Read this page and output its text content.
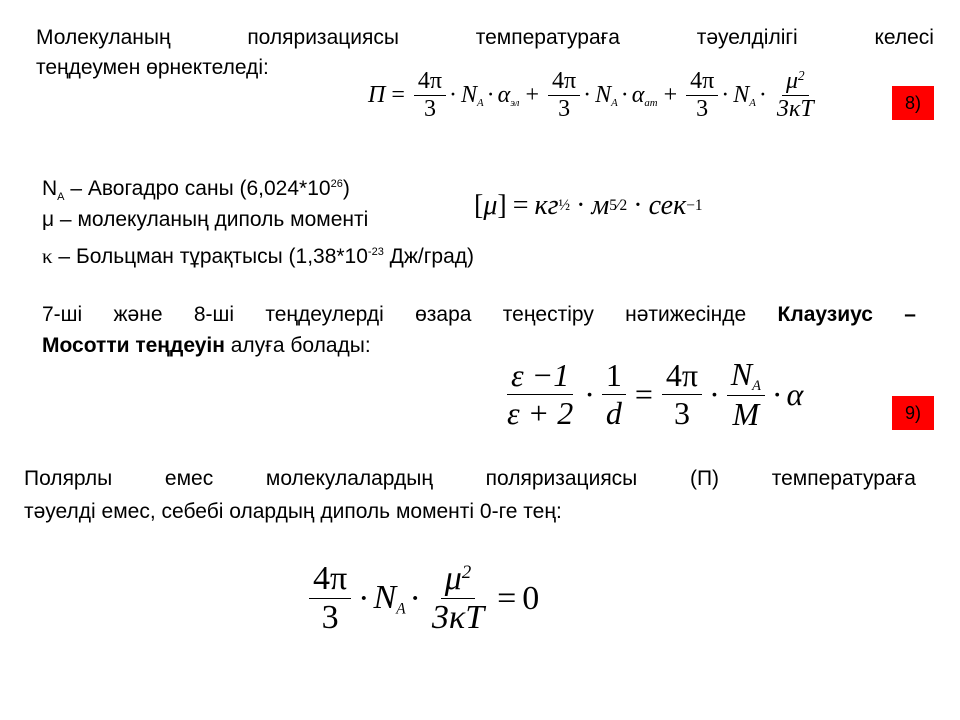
Молекуланың	поляризациясы	температураға	тәуелділігі	келесі
теңдеумен өрнектеледі:
$П = \frac{4\pi}{3} \cdot N_A \cdot \alpha_{эл} + \frac{4\pi}{3} \cdot N_A \cdot \alpha_{ат} + \frac{4\pi}{3} \cdot N_A \cdot \frac{\mu^2}{3\kappa T}$	8)
$N_A$ – Авогадро саны $(6,024*10^{26})$
μ – молекуланың диполь моменті
κ – Больцман тұрақтысы ($1,38*10^{-23}$ Дж/град)
[ μ ] = кг ½ · м 5⁄2 · сек −1
7-ші және 8-ші теңдеулерді өзара теңестіру нәтижесінде Клаузиус –
Мосотти теңдеуін алуға болады:
$\frac{\varepsilon -1}{\varepsilon + 2} \cdot \frac{1}{d} = \frac{4\pi}{3} \cdot \frac{N_A}{M} \cdot \alpha$
9)
Полярлы	емес	молекулалардың	поляризациясы	(П)	температураға
тәуелді емес, себебі олардың диполь моменті 0-ге тең:
$\frac{4\pi}{3} \cdot N_A \cdot \frac{\mu^2}{3\kappa T} = 0$
